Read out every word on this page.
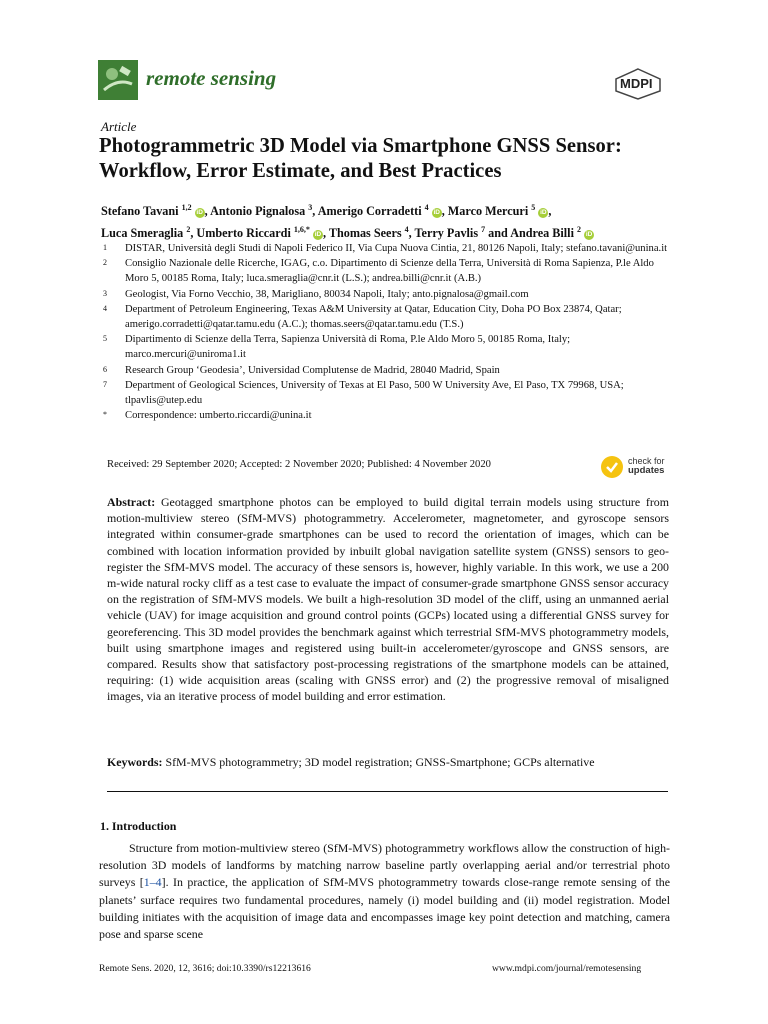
remote sensing	MDPI
Article
Photogrammetric 3D Model via Smartphone GNSS Sensor: Workflow, Error Estimate, and Best Practices
Stefano Tavani $^{1,2}$ iD , Antonio Pignalosa $^3$, Amerigo Corradetti $^4$ iD , Marco Mercuri $^5$ iD ,
Luca Smeraglia $^2$, Umberto Riccardi $^{1,6,*}$ iD , Thomas Seers $^4$, Terry Pavlis $^7$ and Andrea Billi $^2$ iD
1	DISTAR, Università degli Studi di Napoli Federico II, Via Cupa Nuova Cintia, 21, 80126 Napoli, Italy; stefano.tavani@unina.it
2	Consiglio Nazionale delle Ricerche, IGAG, c.o. Dipartimento di Scienze della Terra, Università di Roma Sapienza, P.le Aldo Moro 5, 00185 Roma, Italy; luca.smeraglia@cnr.it (L.S.); andrea.billi@cnr.it (A.B.)
3	Geologist, Via Forno Vecchio, 38, Marigliano, 80034 Napoli, Italy; anto.pignalosa@gmail.com
4	Department of Petroleum Engineering, Texas A&M University at Qatar, Education City, Doha PO Box 23874, Qatar; amerigo.corradetti@qatar.tamu.edu (A.C.); thomas.seers@qatar.tamu.edu (T.S.)
5	Dipartimento di Scienze della Terra, Sapienza Università di Roma, P.le Aldo Moro 5, 00185 Roma, Italy; marco.mercuri@uniroma1.it
6	Research Group ‘Geodesia’, Universidad Complutense de Madrid, 28040 Madrid, Spain
7	Department of Geological Sciences, University of Texas at El Paso, 500 W University Ave, El Paso, TX 79968, USA; tlpavlis@utep.edu
*	Correspondence: umberto.riccardi@unina.it
Received: 29 September 2020; Accepted: 2 November 2020; Published: 4 November 2020	check for
updates
Abstract: Geotagged smartphone photos can be employed to build digital terrain models using structure from motion-multiview stereo (SfM-MVS) photogrammetry. Accelerometer, magnetometer, and gyroscope sensors integrated within consumer-grade smartphones can be used to record the orientation of images, which can be combined with location information provided by inbuilt global navigation satellite system (GNSS) sensors to geo-register the SfM-MVS model. The accuracy of these sensors is, however, highly variable. In this work, we use a 200 m-wide natural rocky cliff as a test case to evaluate the impact of consumer-grade smartphone GNSS sensor accuracy on the registration of SfM-MVS models. We built a high-resolution 3D model of the cliff, using an unmanned aerial vehicle (UAV) for image acquisition and ground control points (GCPs) located using a differential GNSS survey for georeferencing. This 3D model provides the benchmark against which terrestrial SfM-MVS photogrammetry models, built using smartphone images and registered using built-in accelerometer/gyroscope and GNSS sensors, are compared. Results show that satisfactory post-processing registrations of the smartphone models can be attained, requiring: (1) wide acquisition areas (scaling with GNSS error) and (2) the progressive removal of misaligned images, via an iterative process of model building and error estimation.
Keywords: SfM-MVS photogrammetry; 3D model registration; GNSS-Smartphone; GCPs alternative
1. Introduction
Structure from motion-multiview stereo (SfM-MVS) photogrammetry workflows allow the construction of high-resolution 3D models of landforms by matching narrow baseline partly overlapping aerial and/or terrestrial photo surveys [1–4]. In practice, the application of SfM-MVS photogrammetry towards close-range remote sensing of the planets’ surface requires two fundamental procedures, namely (i) model building and (ii) model registration. Model building initiates with the acquisition of image data and encompasses image key point detection and matching, camera pose and sparse scene
Remote Sens. 2020, 12, 3616; doi:10.3390/rs12213616	www.mdpi.com/journal/remotesensing
